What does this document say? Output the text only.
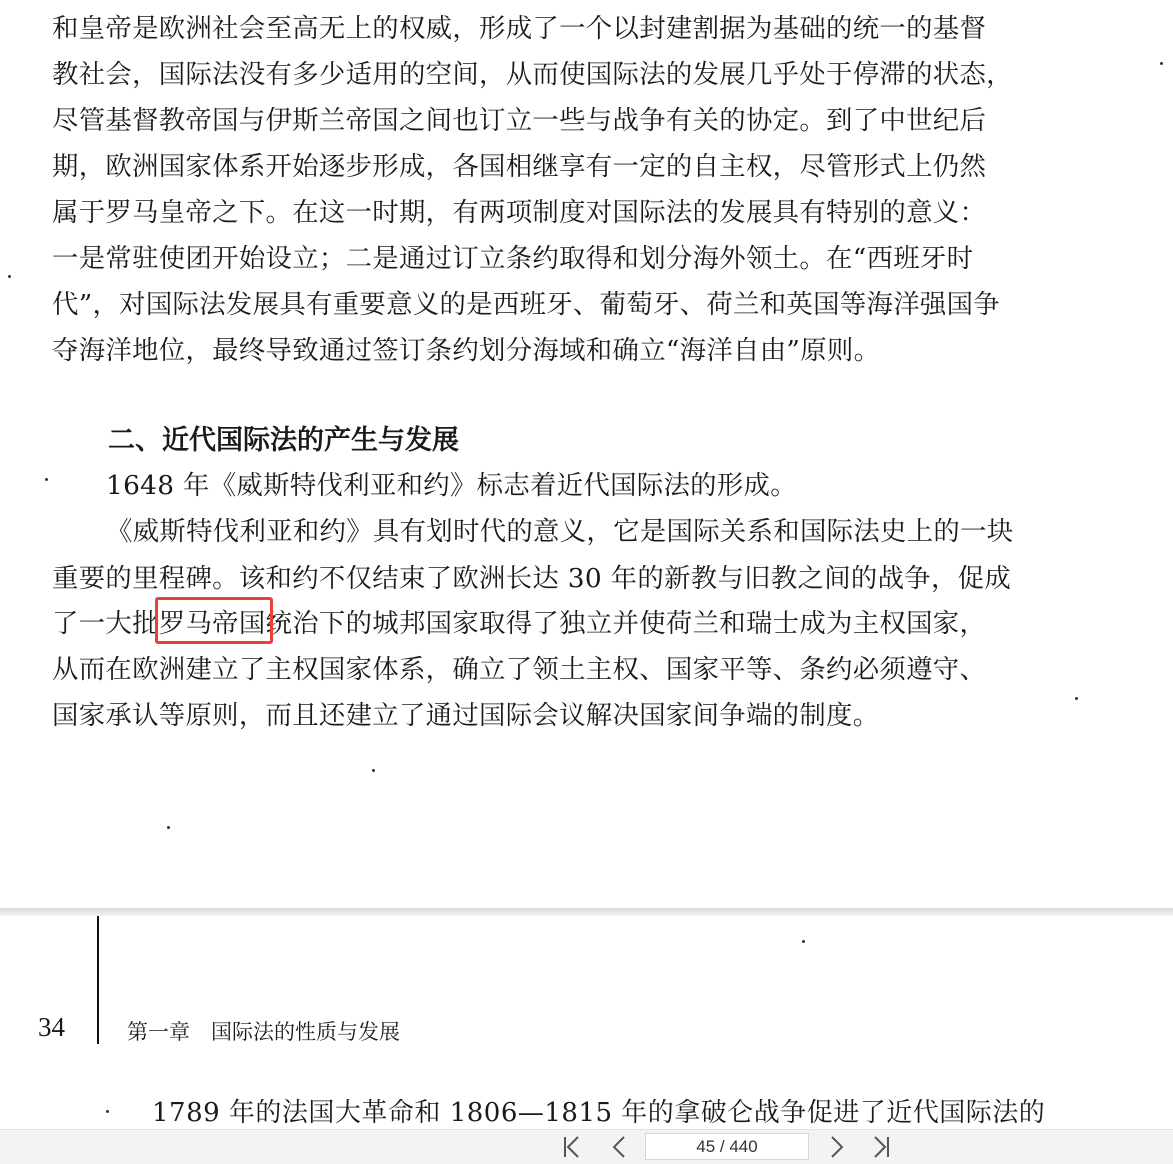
和皇帝是欧洲社会至高无上的权威，形成了一个以封建割据为基础的统一的基督
教社会，国际法没有多少适用的空间，从而使国际法的发展几乎处于停滞的状态，
尽管基督教帝国与伊斯兰帝国之间也订立一些与战争有关的协定。到了中世纪后
期，欧洲国家体系开始逐步形成，各国相继享有一定的自主权，尽管形式上仍然
属于罗马皇帝之下。在这一时期，有两项制度对国际法的发展具有特别的意义：
一是常驻使团开始设立；二是通过订立条约取得和划分海外领土。在“西班牙时
代”，对国际法发展具有重要意义的是西班牙、葡萄牙、荷兰和英国等海洋强国争
夺海洋地位，最终导致通过签订条约划分海域和确立“海洋自由”原则。
二、近代国际法的产生与发展
1648 年《威斯特伐利亚和约》标志着近代国际法的形成。
《威斯特伐利亚和约》具有划时代的意义，它是国际关系和国际法史上的一块
重要的里程碑。该和约不仅结束了欧洲长达 30 年的新教与旧教之间的战争，促成
了一大批罗马帝国统治下的城邦国家取得了独立并使荷兰和瑞士成为主权国家，
从而在欧洲建立了主权国家体系，确立了领土主权、国家平等、条约必须遵守、
国家承认等原则，而且还建立了通过国际会议解决国家间争端的制度。
34	第一章　国际法的性质与发展
1789 年的法国大革命和 1806—1815 年的拿破仑战争促进了近代国际法的
45 / 440
